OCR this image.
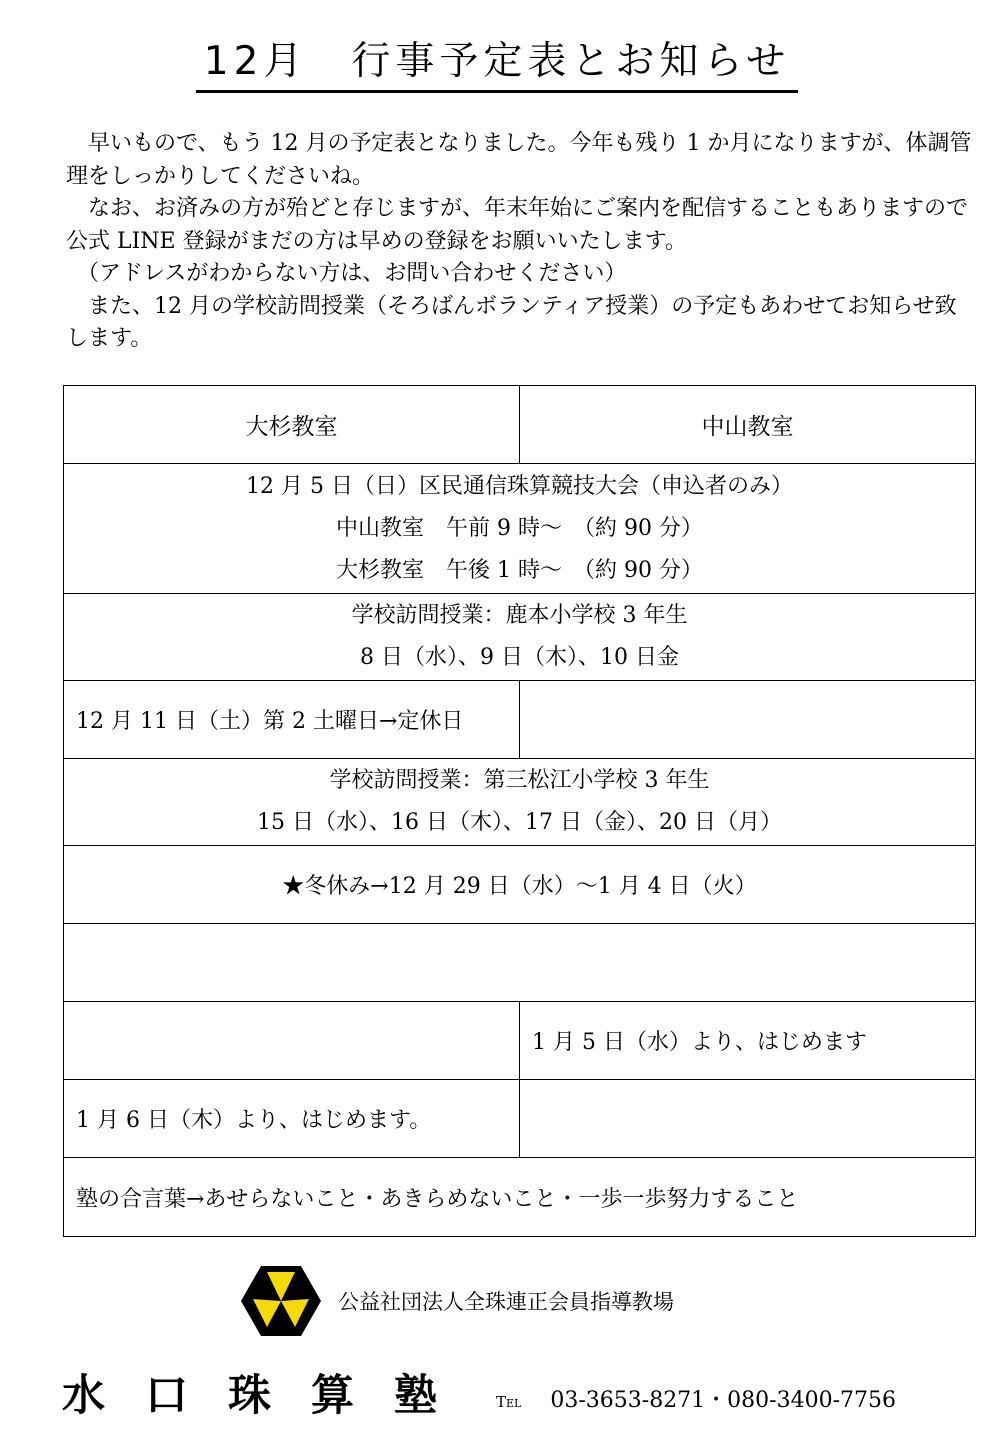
12月　行事予定表とお知らせ

　早いもので、もう 12 月の予定表となりました。今年も残り 1 か月になりますが、体調管理をしっかりしてくださいね。

　なお、お済みの方が殆どと存じますが、年末年始にご案内を配信することもありますので公式 LINE 登録がまだの方は早めの登録をお願いいたします。

　（アドレスがわからない方は、お問い合わせください）

　また、12 月の学校訪問授業（そろばんボランティア授業）の予定もあわせてお知らせ致します。

大杉教室	中山教室

12 月 5 日（日）区民通信珠算競技大会（申込者のみ）
中山教室　午前 9 時～　（約 90 分）
大杉教室　午後 1 時～　（約 90 分）	

学校訪問授業：鹿本小学校 3 年生
8 日（水）、9 日（木）、10 日金	

12 月 11 日（土）第 2 土曜日→定休日	

学校訪問授業：第三松江小学校 3 年生
15 日（水）、16 日（木）、17 日（金）、20 日（月）	

★冬休み→12 月 29 日（水）～1 月 4 日（火）	

	1 月 5 日（水）より、はじめます
1 月 6 日（木）より、はじめます。	
塾の合言葉→あせらないこと・あきらめないこと・一歩一歩努力すること	
公益社団法人全珠連正会員指導教場
水口珠算塾 Tel 03-3653-8271・080-3400-7756
